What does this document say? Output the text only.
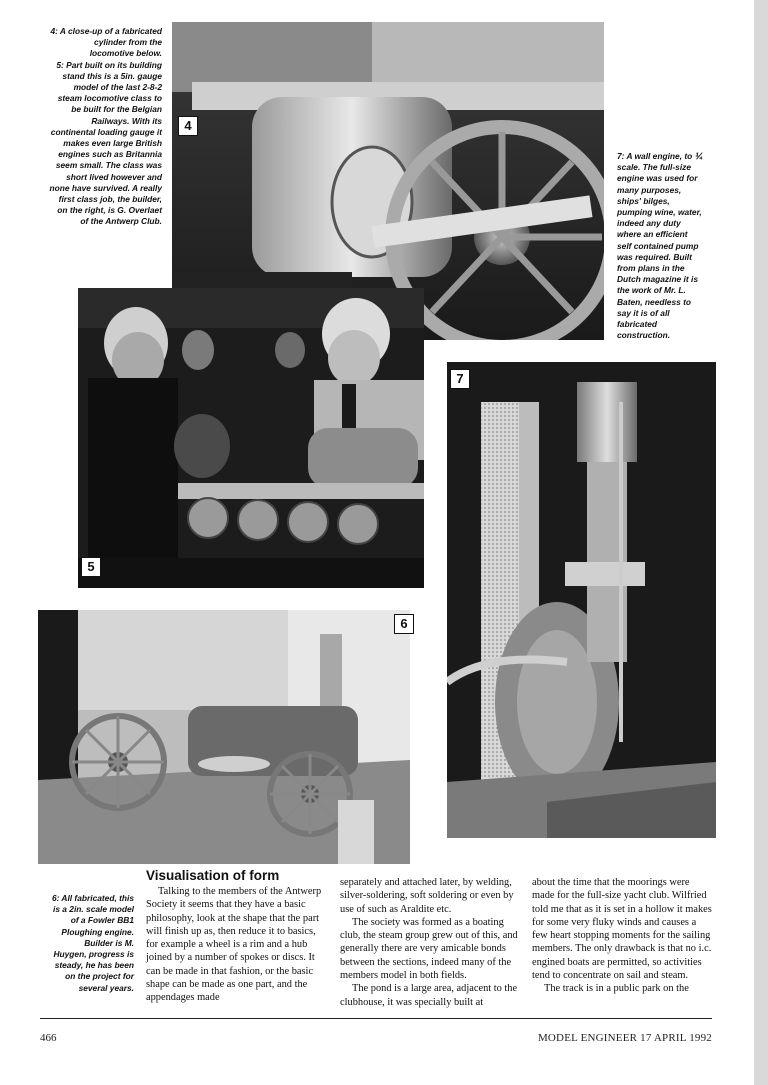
4: A close-up of a fabricated
cylinder from the
locomotive below.
5: Part built on its building
stand this is a 5in. gauge
model of the last 2-8-2
steam locomotive class to
be built for the Belgian
Railways. With its
continental loading gauge it
makes even large British
engines such as Britannia
seem small. The class was
short lived however and
none have survived. A really
first class job, the builder,
on the right, is G. Overlaet
of the Antwerp Club.
4
7: A wall engine, to ⅟₄
scale. The full-size
engine was used for
many purposes,
ships' bilges,
pumping wine, water,
indeed any duty
where an efficient
self contained pump
was required. Built
from plans in the
Dutch magazine it is
the work of Mr. L.
Baten, needless to
say it is of all
fabricated
construction.
5
7
6
6: All fabricated, this
is a 2in. scale model
of a Fowler BB1
Ploughing engine.
Builder is M.
Huygen, progress is
steady, he has been
on the project for
several years.
Visualisation of form

Talking to the members of the Antwerp Society it seems that they have a basic philosophy, look at the shape that the part will finish up as, then reduce it to basics, for example a wheel is a rim and a hub joined by a number of spokes or discs. It can be made in that fashion, or the basic shape can be made as one part, and the appendages made

separately and attached later, by welding, silver-soldering, soft soldering or even by use of such as Araldite etc.

The society was formed as a boating club, the steam group grew out of this, and generally there are very amicable bonds between the sections, indeed many of the members model in both fields.

The pond is a large area, adjacent to the clubhouse, it was specially built at

about the time that the moorings were made for the full-size yacht club. Wilfried told me that as it is set in a hollow it makes for some very fluky winds and causes a few heart stopping moments for the sailing members. The only drawback is that no i.c. engined boats are permitted, so activities tend to concentrate on sail and steam.

The track is in a public park on the

466	MODEL ENGINEER 17 APRIL 1992
